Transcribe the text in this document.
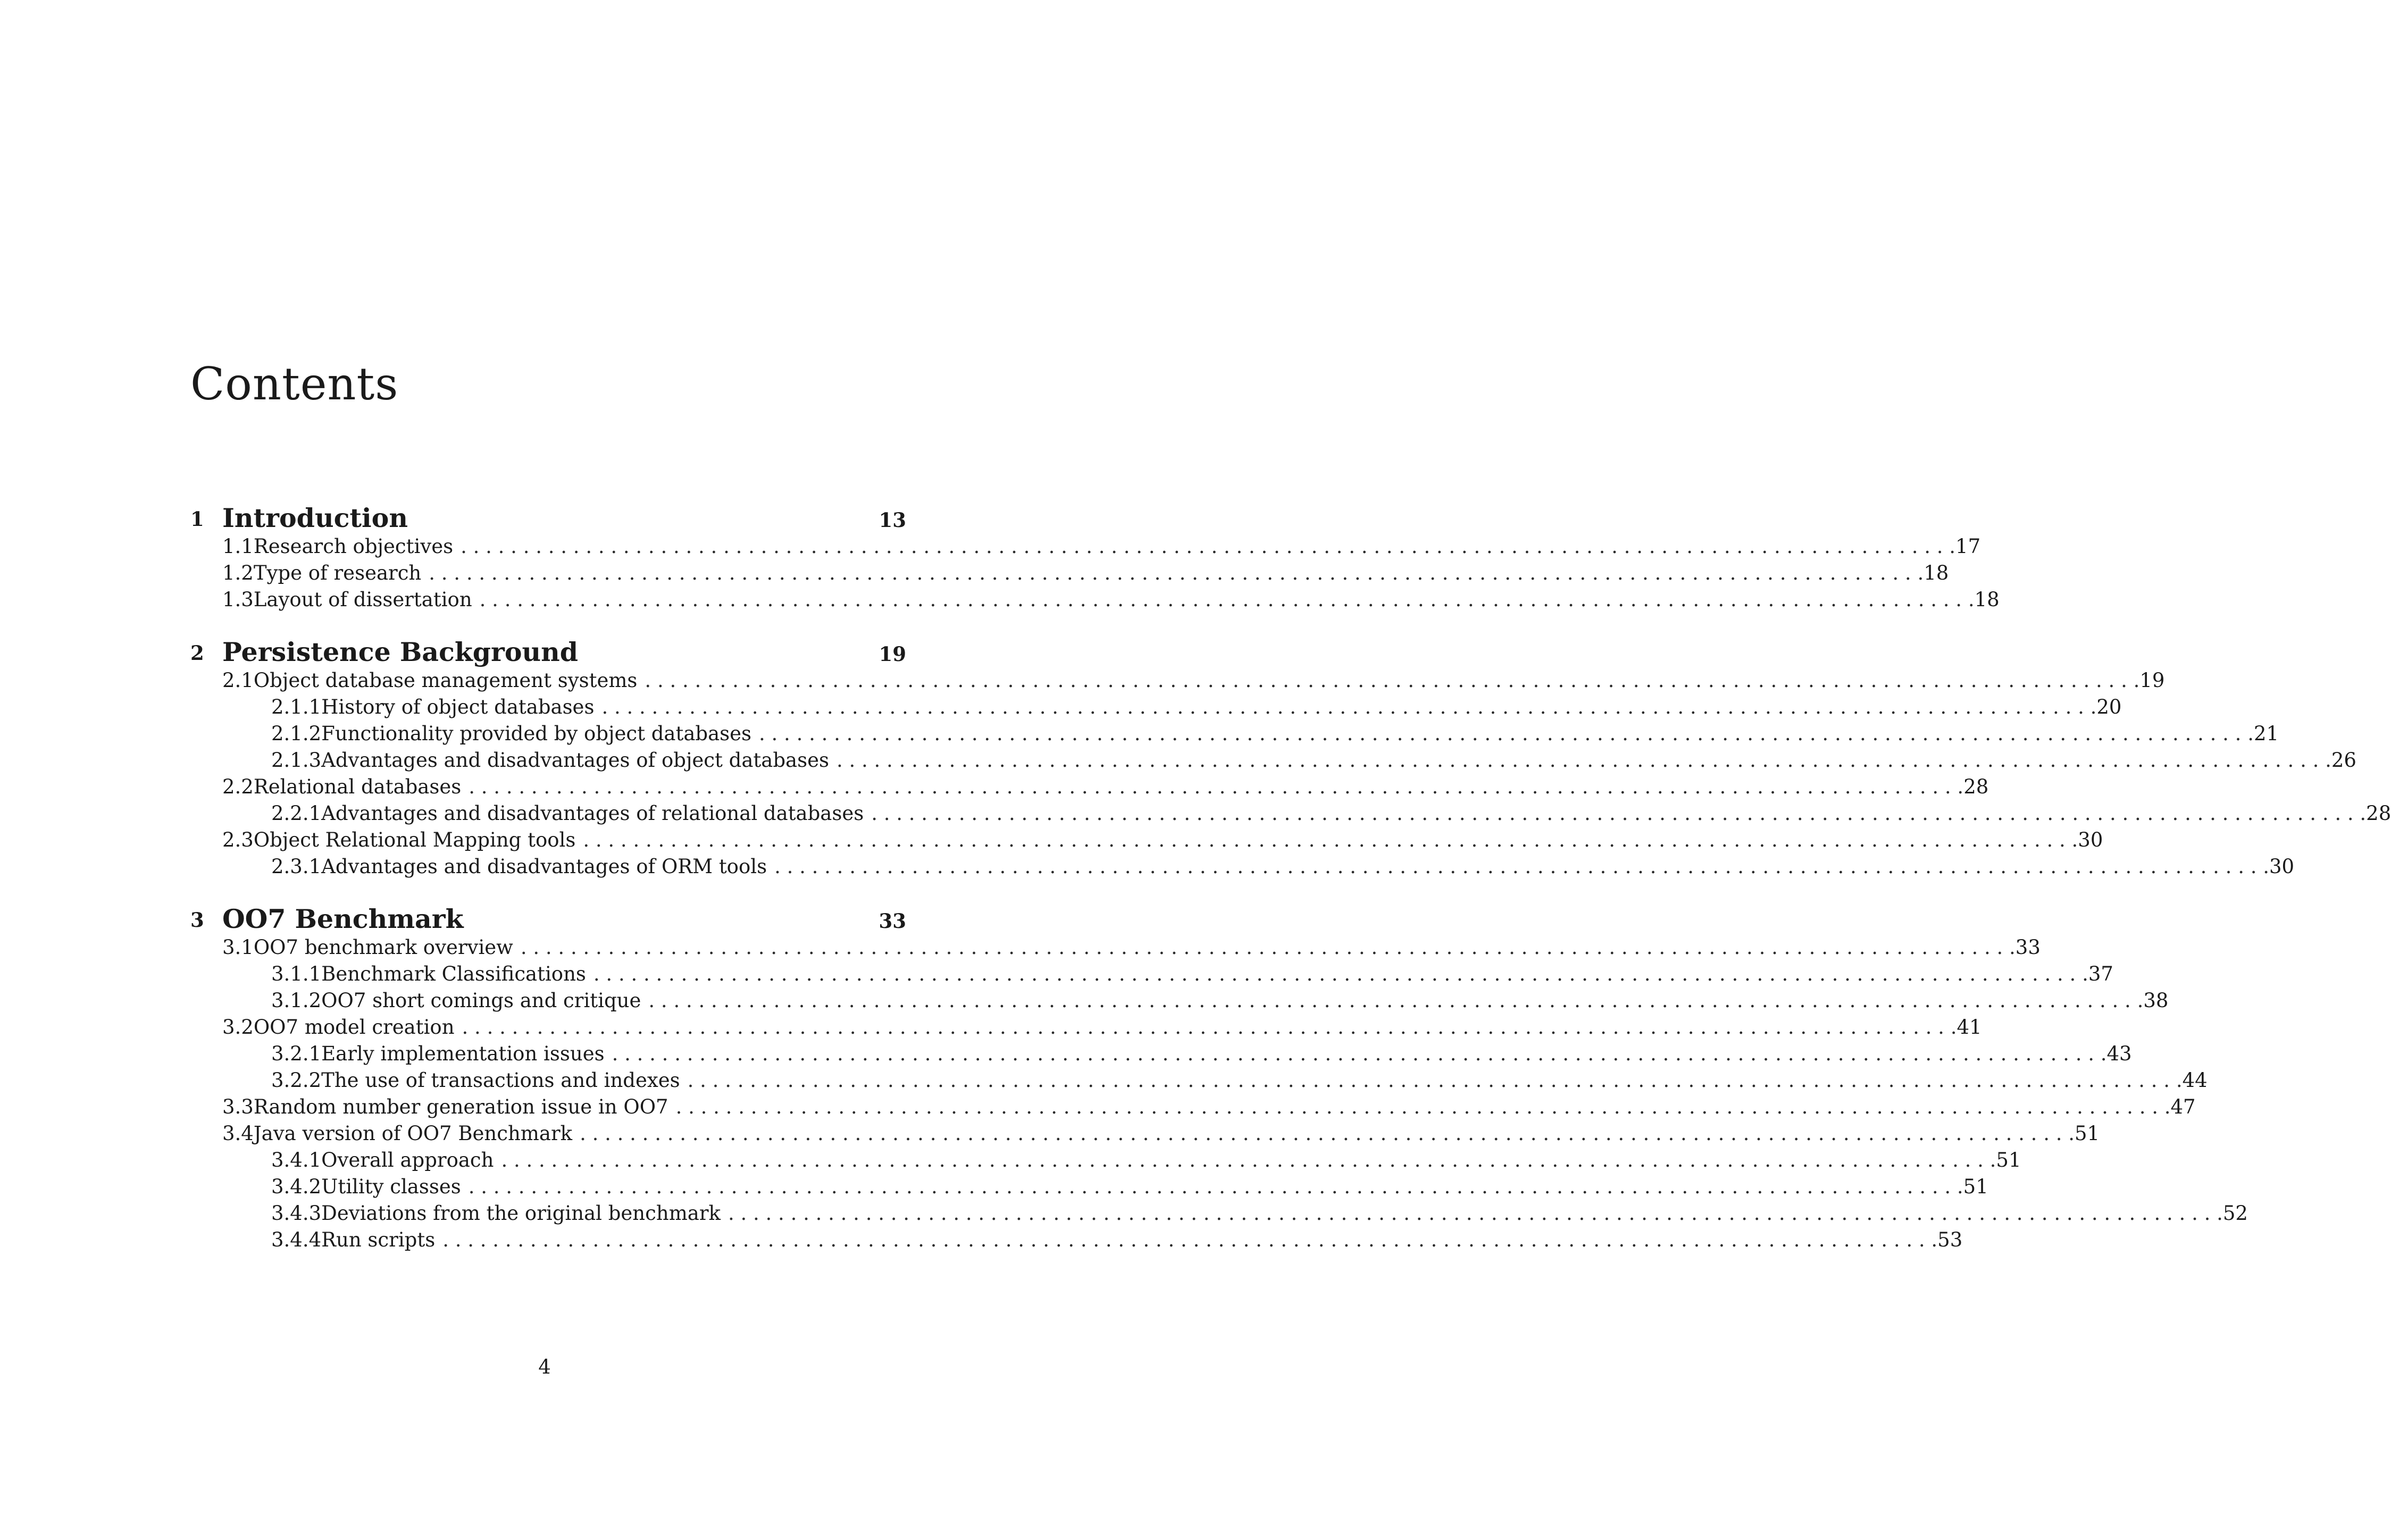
Contents
1 Introduction	13
1.1 Research objectives . . . . . . . . . . . . . . . . . . . . . . . . . . . . . . . . . . . . . . . . . . . . . . . . . . . . . . . . . . . . . . . . . . . . . . . . . . . . . . . . . . . . . . . . . . . . . . . . . . . . . . . . . . . . . . . . . . . . . . . . 17
1.2 Type of research . . . . . . . . . . . . . . . . . . . . . . . . . . . . . . . . . . . . . . . . . . . . . . . . . . . . . . . . . . . . . . . . . . . . . . . . . . . . . . . . . . . . . . . . . . . . . . . . . . . . . . . . . . . . . . . . . . . . . . . . 18
1.3 Layout of dissertation . . . . . . . . . . . . . . . . . . . . . . . . . . . . . . . . . . . . . . . . . . . . . . . . . . . . . . . . . . . . . . . . . . . . . . . . . . . . . . . . . . . . . . . . . . . . . . . . . . . . . . . . . . . . . . . . . . . . . . . . 18
2 Persistence Background	19
2.1 Object database management systems . . . . . . . . . . . . . . . . . . . . . . . . . . . . . . . . . . . . . . . . . . . . . . . . . . . . . . . . . . . . . . . . . . . . . . . . . . . . . . . . . . . . . . . . . . . . . . . . . . . . . . . . . . . . . . . . . . . . . . . . 19
2.1.1 History of object databases . . . . . . . . . . . . . . . . . . . . . . . . . . . . . . . . . . . . . . . . . . . . . . . . . . . . . . . . . . . . . . . . . . . . . . . . . . . . . . . . . . . . . . . . . . . . . . . . . . . . . . . . . . . . . . . . . . . . . . . . 20
2.1.2 Functionality provided by object databases . . . . . . . . . . . . . . . . . . . . . . . . . . . . . . . . . . . . . . . . . . . . . . . . . . . . . . . . . . . . . . . . . . . . . . . . . . . . . . . . . . . . . . . . . . . . . . . . . . . . . . . . . . . . . . . . . . . . . . . . 21
2.1.3 Advantages and disadvantages of object databases . . . . . . . . . . . . . . . . . . . . . . . . . . . . . . . . . . . . . . . . . . . . . . . . . . . . . . . . . . . . . . . . . . . . . . . . . . . . . . . . . . . . . . . . . . . . . . . . . . . . . . . . . . . . . . . . . . . . . . . . 26
2.2 Relational databases . . . . . . . . . . . . . . . . . . . . . . . . . . . . . . . . . . . . . . . . . . . . . . . . . . . . . . . . . . . . . . . . . . . . . . . . . . . . . . . . . . . . . . . . . . . . . . . . . . . . . . . . . . . . . . . . . . . . . . . . 28
2.2.1 Advantages and disadvantages of relational databases . . . . . . . . . . . . . . . . . . . . . . . . . . . . . . . . . . . . . . . . . . . . . . . . . . . . . . . . . . . . . . . . . . . . . . . . . . . . . . . . . . . . . . . . . . . . . . . . . . . . . . . . . . . . . . . . . . . . . . . . 28
2.3 Object Relational Mapping tools . . . . . . . . . . . . . . . . . . . . . . . . . . . . . . . . . . . . . . . . . . . . . . . . . . . . . . . . . . . . . . . . . . . . . . . . . . . . . . . . . . . . . . . . . . . . . . . . . . . . . . . . . . . . . . . . . . . . . . . . 30
2.3.1 Advantages and disadvantages of ORM tools . . . . . . . . . . . . . . . . . . . . . . . . . . . . . . . . . . . . . . . . . . . . . . . . . . . . . . . . . . . . . . . . . . . . . . . . . . . . . . . . . . . . . . . . . . . . . . . . . . . . . . . . . . . . . . . . . . . . . . . . 30
3 OO7 Benchmark	33
3.1 OO7 benchmark overview . . . . . . . . . . . . . . . . . . . . . . . . . . . . . . . . . . . . . . . . . . . . . . . . . . . . . . . . . . . . . . . . . . . . . . . . . . . . . . . . . . . . . . . . . . . . . . . . . . . . . . . . . . . . . . . . . . . . . . . . 33
3.1.1 Benchmark Classifications . . . . . . . . . . . . . . . . . . . . . . . . . . . . . . . . . . . . . . . . . . . . . . . . . . . . . . . . . . . . . . . . . . . . . . . . . . . . . . . . . . . . . . . . . . . . . . . . . . . . . . . . . . . . . . . . . . . . . . . . 37
3.1.2 OO7 short comings and critique . . . . . . . . . . . . . . . . . . . . . . . . . . . . . . . . . . . . . . . . . . . . . . . . . . . . . . . . . . . . . . . . . . . . . . . . . . . . . . . . . . . . . . . . . . . . . . . . . . . . . . . . . . . . . . . . . . . . . . . . 38
3.2 OO7 model creation . . . . . . . . . . . . . . . . . . . . . . . . . . . . . . . . . . . . . . . . . . . . . . . . . . . . . . . . . . . . . . . . . . . . . . . . . . . . . . . . . . . . . . . . . . . . . . . . . . . . . . . . . . . . . . . . . . . . . . . . 41
3.2.1 Early implementation issues . . . . . . . . . . . . . . . . . . . . . . . . . . . . . . . . . . . . . . . . . . . . . . . . . . . . . . . . . . . . . . . . . . . . . . . . . . . . . . . . . . . . . . . . . . . . . . . . . . . . . . . . . . . . . . . . . . . . . . . . 43
3.2.2 The use of transactions and indexes . . . . . . . . . . . . . . . . . . . . . . . . . . . . . . . . . . . . . . . . . . . . . . . . . . . . . . . . . . . . . . . . . . . . . . . . . . . . . . . . . . . . . . . . . . . . . . . . . . . . . . . . . . . . . . . . . . . . . . . . 44
3.3 Random number generation issue in OO7 . . . . . . . . . . . . . . . . . . . . . . . . . . . . . . . . . . . . . . . . . . . . . . . . . . . . . . . . . . . . . . . . . . . . . . . . . . . . . . . . . . . . . . . . . . . . . . . . . . . . . . . . . . . . . . . . . . . . . . . . 47
3.4 Java version of OO7 Benchmark . . . . . . . . . . . . . . . . . . . . . . . . . . . . . . . . . . . . . . . . . . . . . . . . . . . . . . . . . . . . . . . . . . . . . . . . . . . . . . . . . . . . . . . . . . . . . . . . . . . . . . . . . . . . . . . . . . . . . . . . 51
3.4.1 Overall approach . . . . . . . . . . . . . . . . . . . . . . . . . . . . . . . . . . . . . . . . . . . . . . . . . . . . . . . . . . . . . . . . . . . . . . . . . . . . . . . . . . . . . . . . . . . . . . . . . . . . . . . . . . . . . . . . . . . . . . . . 51
3.4.2 Utility classes . . . . . . . . . . . . . . . . . . . . . . . . . . . . . . . . . . . . . . . . . . . . . . . . . . . . . . . . . . . . . . . . . . . . . . . . . . . . . . . . . . . . . . . . . . . . . . . . . . . . . . . . . . . . . . . . . . . . . . . . 51
3.4.3 Deviations from the original benchmark . . . . . . . . . . . . . . . . . . . . . . . . . . . . . . . . . . . . . . . . . . . . . . . . . . . . . . . . . . . . . . . . . . . . . . . . . . . . . . . . . . . . . . . . . . . . . . . . . . . . . . . . . . . . . . . . . . . . . . . . 52
3.4.4 Run scripts . . . . . . . . . . . . . . . . . . . . . . . . . . . . . . . . . . . . . . . . . . . . . . . . . . . . . . . . . . . . . . . . . . . . . . . . . . . . . . . . . . . . . . . . . . . . . . . . . . . . . . . . . . . . . . . . . . . . . . . . 53
4
